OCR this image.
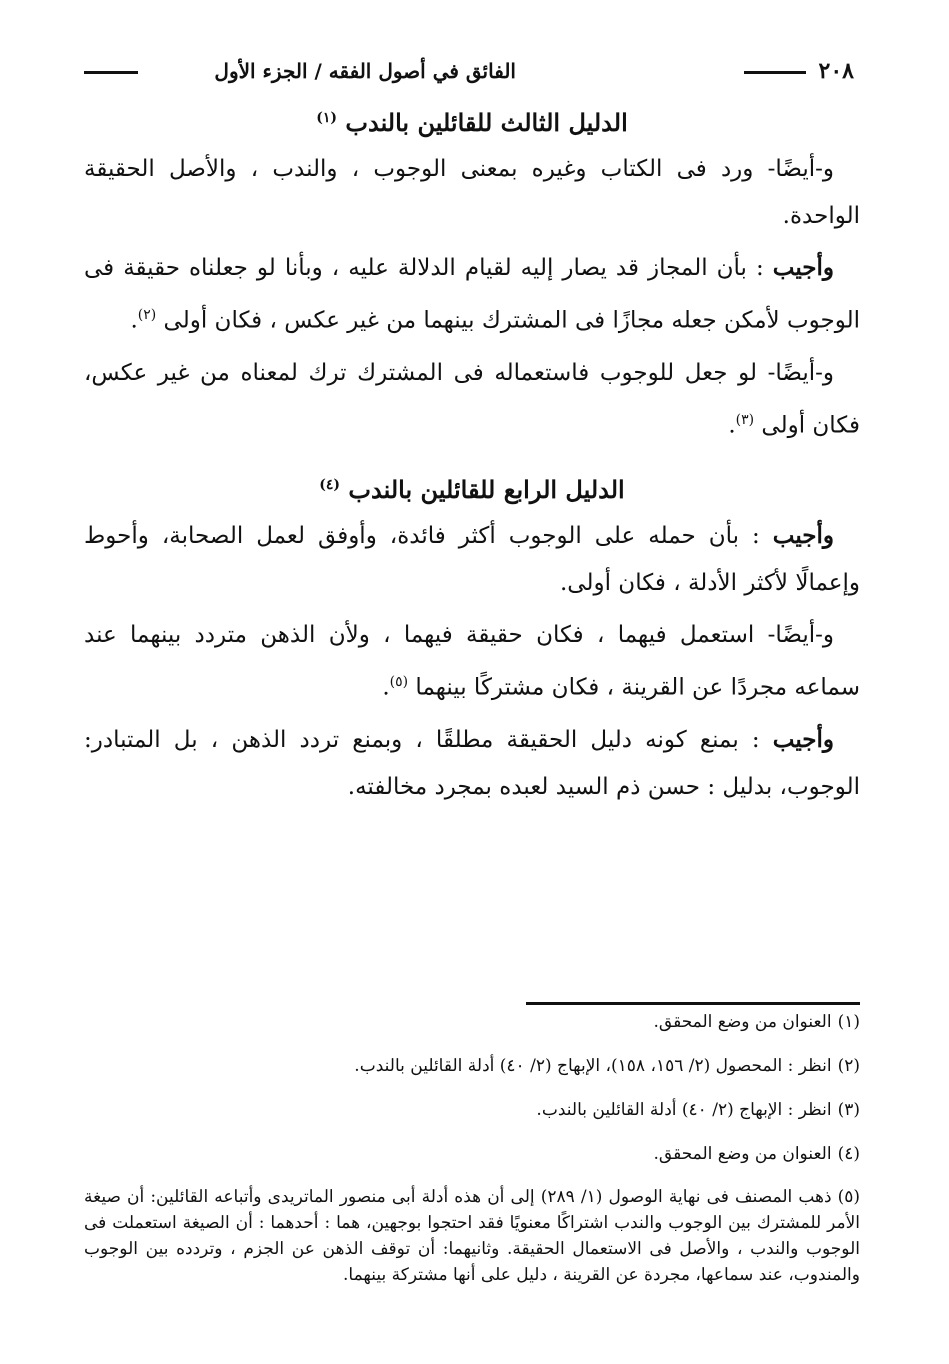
٢٠٨
الفائق في أصول الفقه / الجزء الأول
الدليل الثالث للقائلين بالندب $^{(١)}$

و-أيضًا- ورد فى الكتاب وغيره بمعنى الوجوب ، والندب ، والأصل الحقيقة الواحدة.

وأجيب : بأن المجاز قد يصار إليه لقيام الدلالة عليه ، وبأنا لو جعلناه حقيقة فى الوجوب لأمكن جعله مجازًا فى المشترك بينهما من غير عكس ، فكان أولى $^{(٢)}$.

و-أيضًا- لو جعل للوجوب فاستعماله فى المشترك ترك لمعناه من غير عكس، فكان أولى $^{(٣)}$.

الدليل الرابع للقائلين بالندب $^{(٤)}$

وأجيب : بأن حمله على الوجوب أكثر فائدة، وأوفق لعمل الصحابة، وأحوط وإعمالًا لأكثر الأدلة ، فكان أولى.

و-أيضًا- استعمل فيهما ، فكان حقيقة فيهما ، ولأن الذهن متردد بينهما عند سماعه مجردًا عن القرينة ، فكان مشتركًا بينهما $^{(٥)}$.

وأجيب : بمنع كونه دليل الحقيقة مطلقًا ، وبمنع تردد الذهن ، بل المتبادر: الوجوب، بدليل : حسن ذم السيد لعبده بمجرد مخالفته.

(١)العنوان من وضع المحقق.

(٢)انظر : المحصول (٢/ ١٥٦، ١٥٨)، الإبهاج (٢/ ٤٠) أدلة القائلين بالندب.

(٣)انظر : الإبهاج (٢/ ٤٠) أدلة القائلين بالندب.

(٤)العنوان من وضع المحقق.

(٥)ذهب المصنف فى نهاية الوصول (١/ ٢٨٩) إلى أن هذه أدلة أبى منصور الماتريدى وأتباعه القائلين: أن صيغة الأمر للمشترك بين الوجوب والندب اشتراكًا معنويًا فقد احتجوا بوجهين، هما : أحدهما : أن الصيغة استعملت فى الوجوب والندب ، والأصل فى الاستعمال الحقيقة. وثانيهما: أن توقف الذهن عن الجزم ، وتردده بين الوجوب والمندوب، عند سماعها، مجردة عن القرينة ، دليل على أنها مشتركة بينهما.
